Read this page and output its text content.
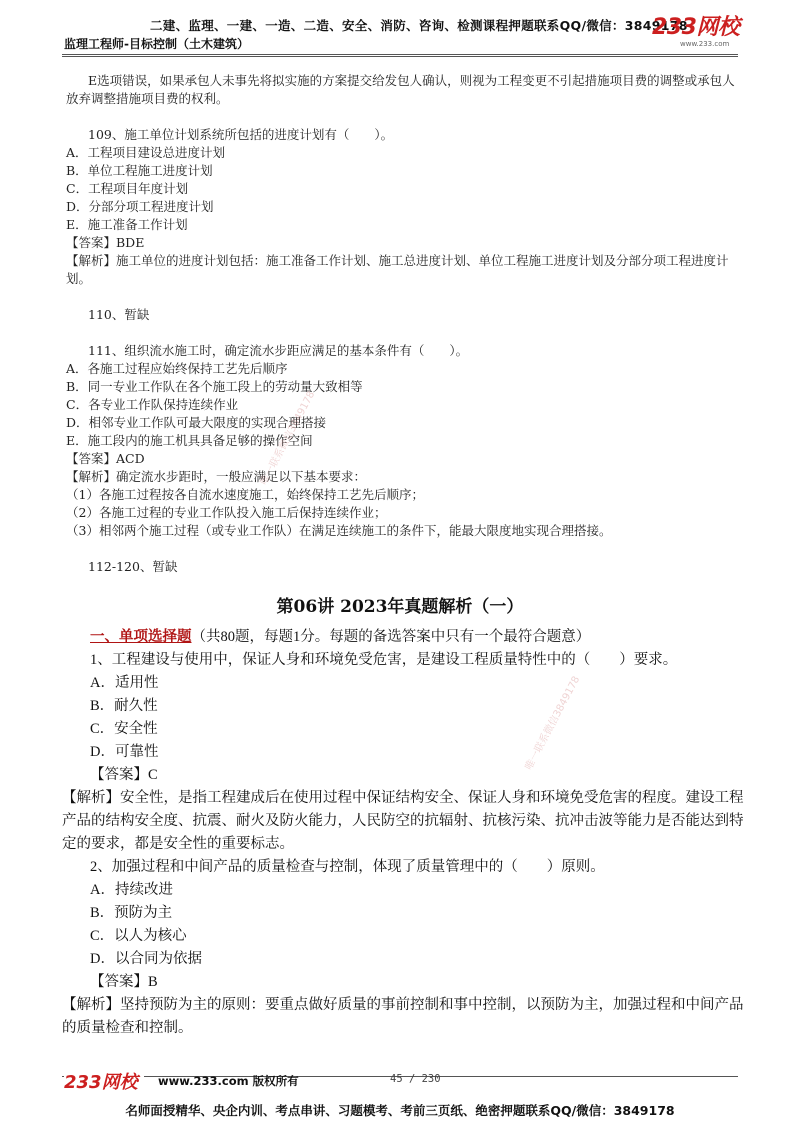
二建、监理、一建、一造、二造、安全、消防、咨询、检测课程押题联系QQ/微信：3849178
监理工程师-目标控制（土木建筑）
233网校
www.233.com

E选项错误，如果承包人未事先将拟实施的方案提交给发包人确认，则视为工程变更不引起措施项目费的调整或承包人放弃调整措施项目费的权利。

109、施工单位计划系统所包括的进度计划有（　　）。

A．工程项目建设总进度计划

B．单位工程施工进度计划

C．工程项目年度计划

D．分部分项工程进度计划

E．施工准备工作计划

【答案】BDE

【解析】施工单位的进度计划包括：施工准备工作计划、施工总进度计划、单位工程施工进度计划及分部分项工程进度计划。

110、暂缺

111、组织流水施工时，确定流水步距应满足的基本条件有（　　）。

A．各施工过程应始终保持工艺先后顺序

B．同一专业工作队在各个施工段上的劳动量大致相等

C．各专业工作队保持连续作业

D．相邻专业工作队可最大限度的实现合理搭接

E．施工段内的施工机具具备足够的操作空间

【答案】ACD

【解析】确定流水步距时，一般应满足以下基本要求：

（1）各施工过程按各自流水速度施工，始终保持工艺先后顺序；

（2）各施工过程的专业工作队投入施工后保持连续作业；

（3）相邻两个施工过程（或专业工作队）在满足连续施工的条件下，能最大限度地实现合理搭接。

112-120、暂缺

第06讲 2023年真题解析（一）

一、单项选择题（共80题，每题1分。每题的备选答案中只有一个最符合题意）

1、工程建设与使用中，保证人身和环境免受危害，是建设工程质量特性中的（　　）要求。

A．适用性

B．耐久性

C．安全性

D．可靠性

【答案】C

【解析】安全性，是指工程建成后在使用过程中保证结构安全、保证人身和环境免受危害的程度。建设工程产品的结构安全度、抗震、耐火及防火能力，人民防空的抗辐射、抗核污染、抗冲击波等能力是否能达到特定的要求，都是安全性的重要标志。

2、加强过程和中间产品的质量检查与控制，体现了质量管理中的（　　）原则。

A．持续改进

B．预防为主

C．以人为核心

D．以合同为依据

【答案】B

【解析】坚持预防为主的原则：要重点做好质量的事前控制和事中控制，以预防为主，加强过程和中间产品的质量检查和控制。

唯一联系微信3849178
唯一联系微信3849178
233网校	www.233.com 版权所有	45 / 230
名师面授精华、央企内训、考点串讲、习题模考、考前三页纸、绝密押题联系QQ/微信：3849178
